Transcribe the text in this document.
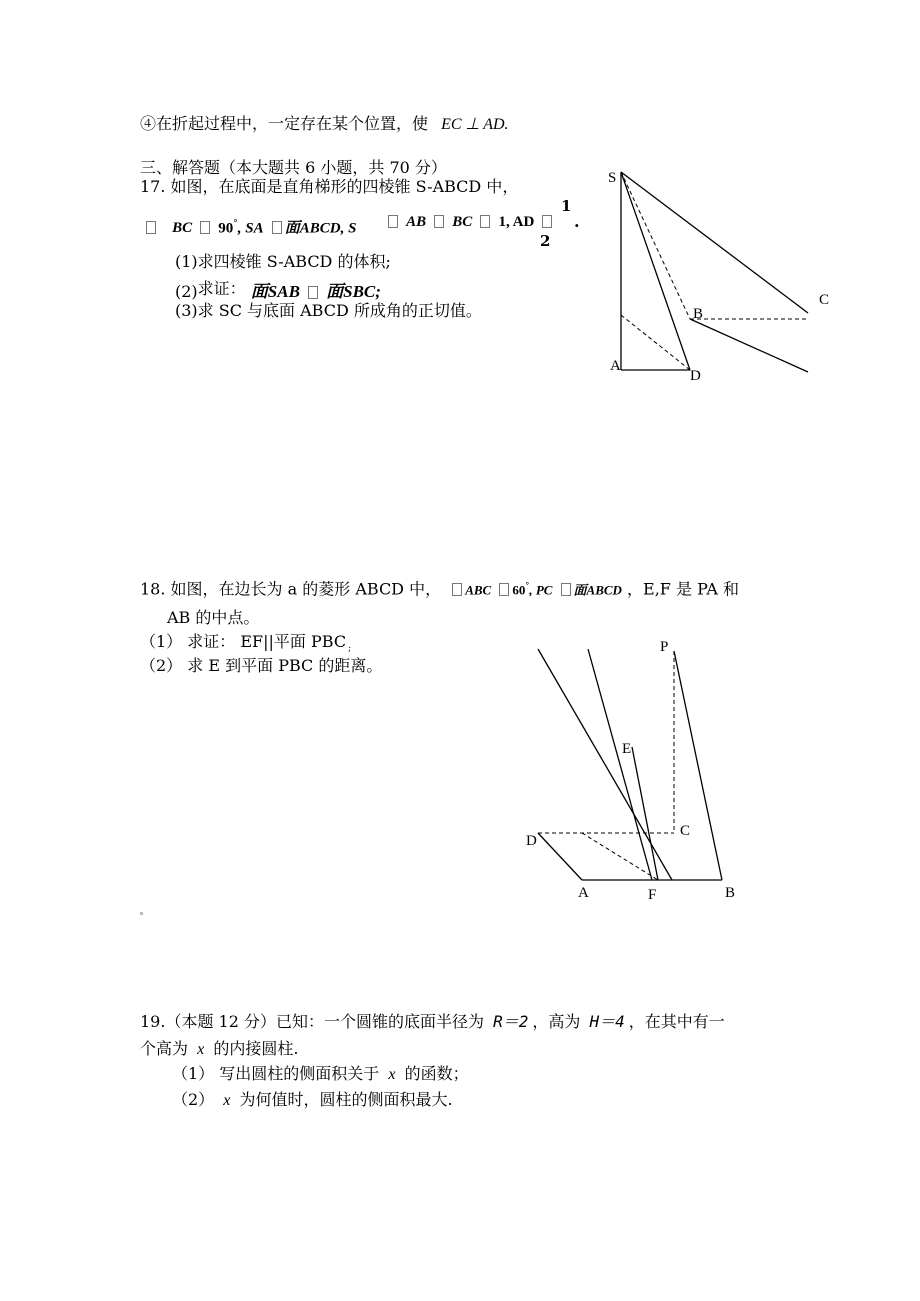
④在折起过程中，一定存在某个位置，使 EC ⊥ AD.
三、解答题（本大题共 6 小题，共 70 分）
17. 如图，在底面是直角梯形的四棱锥 S-ABCD 中，
BC 90°, SA 面ABCD, S	AB BC 1, AD
1
2
.
(1)求四棱锥 S-ABCD 的体积;
(2)求证： 面SAB 面SBC;
(3)求 SC 与底面 ABCD 所成角的正切值。
S
C
B
A
D
18. 如图，在边长为 a 的菱形 ABCD 中， ABC 60°, PC 面ABCD ，E,F 是 PA 和
AB 的中点。
（1） 求证： EF||平面 PBC $_;$
（2） 求 E 到平面 PBC 的距离。
P
E
C
D
A	F	B
19.（本题 12 分）已知：一个圆锥的底面半径为 R＝2 ，高为 H＝4 ，在其中有一
个高为 x 的内接圆柱.
（1） 写出圆柱的侧面积关于 x 的函数；
（2） x 为何值时，圆柱的侧面积最大.
